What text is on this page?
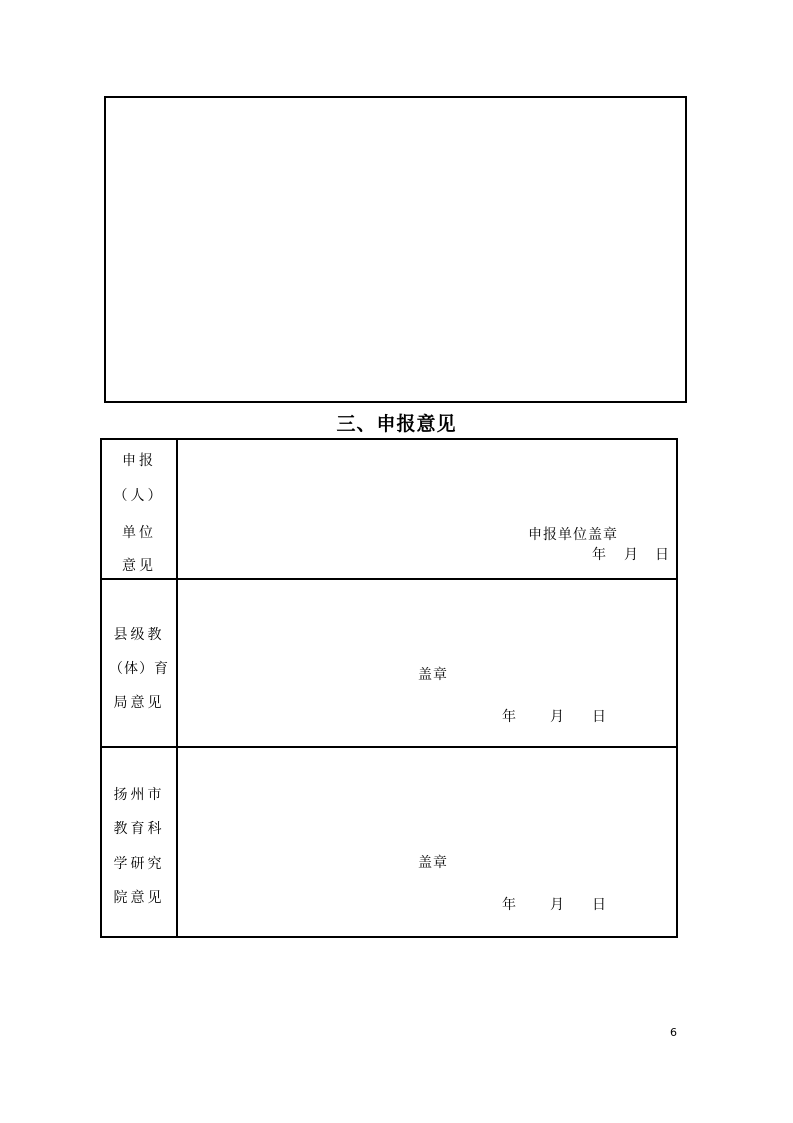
三、申报意见
申报
（人）
单位
意见
申报单位盖章
年 月 日
县级教
（体）育
局意见
盖章
年 月 日
扬州市
教育科
学研究
院意见
盖章
年 月 日
6
